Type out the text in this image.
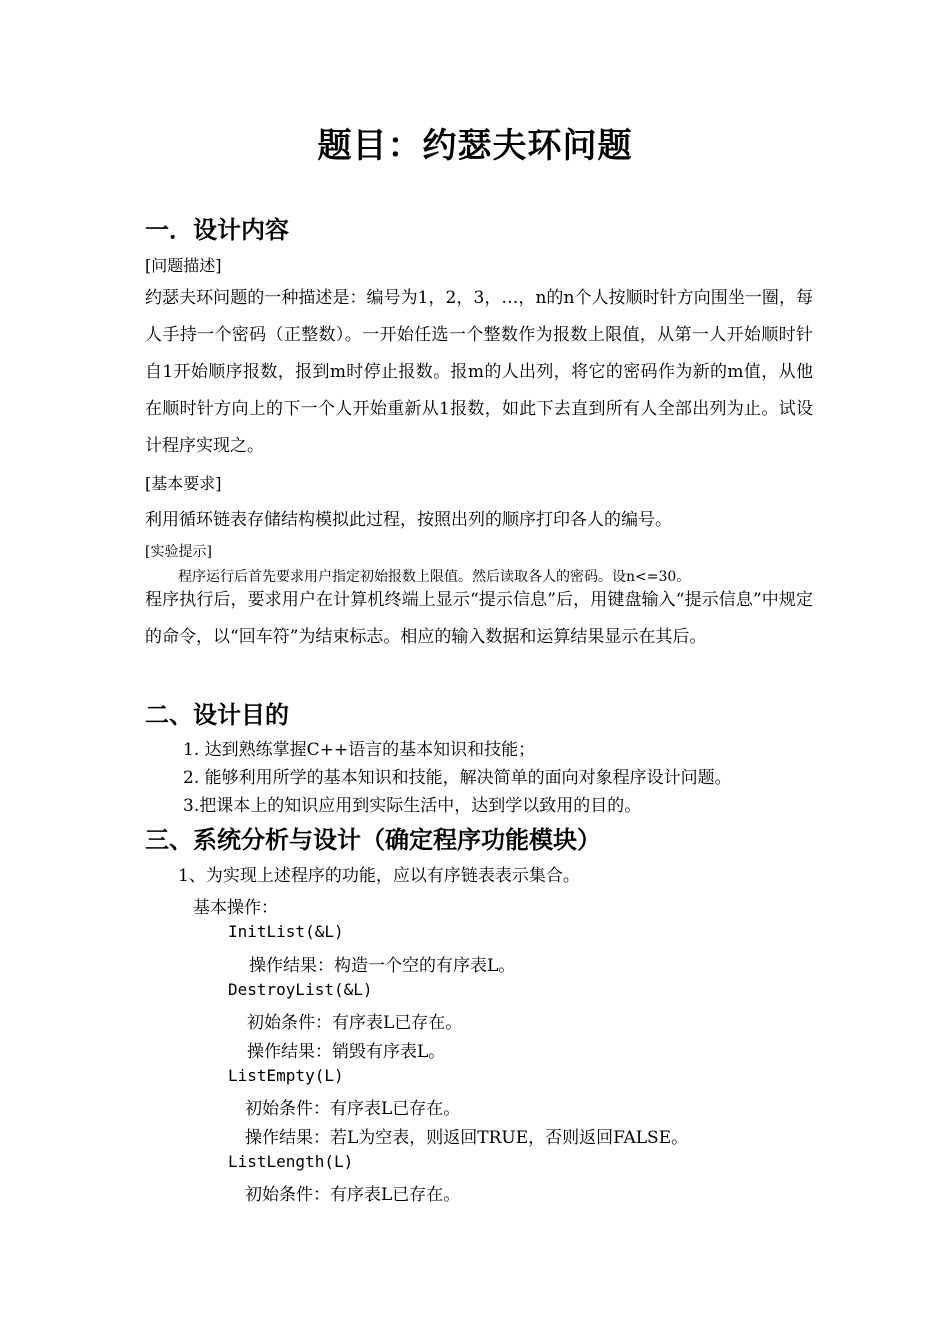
题目：约瑟夫环问题
一．设计内容
[问题描述]
约瑟夫环问题的一种描述是：编号为1，2，3，…，n的n个人按顺时针方向围坐一圈，每人手持一个密码（正整数）。一开始任选一个整数作为报数上限值，从第一人开始顺时针自1开始顺序报数，报到m时停止报数。报m的人出列，将它的密码作为新的m值，从他在顺时针方向上的下一个人开始重新从1报数，如此下去直到所有人全部出列为止。试设计程序实现之。
[基本要求]
利用循环链表存储结构模拟此过程，按照出列的顺序打印各人的编号。
[实验提示]
程序运行后首先要求用户指定初始报数上限值。然后读取各人的密码。设n<=30。
程序执行后，要求用户在计算机终端上显示“提示信息”后，用键盘输入“提示信息”中规定的命令，以“回车符”为结束标志。相应的输入数据和运算结果显示在其后。
二、设计目的
1. 达到熟练掌握C++语言的基本知识和技能；
2. 能够利用所学的基本知识和技能，解决简单的面向对象程序设计问题。
3.把课本上的知识应用到实际生活中，达到学以致用的目的。
三、系统分析与设计（确定程序功能模块）
1、为实现上述程序的功能，应以有序链表表示集合。
基本操作：
InitList(&L)
操作结果：构造一个空的有序表L。
DestroyList(&L)
初始条件：有序表L已存在。
操作结果：销毁有序表L。
ListEmpty(L)
初始条件：有序表L已存在。
操作结果：若L为空表，则返回TRUE，否则返回FALSE。
ListLength(L)
初始条件：有序表L已存在。
